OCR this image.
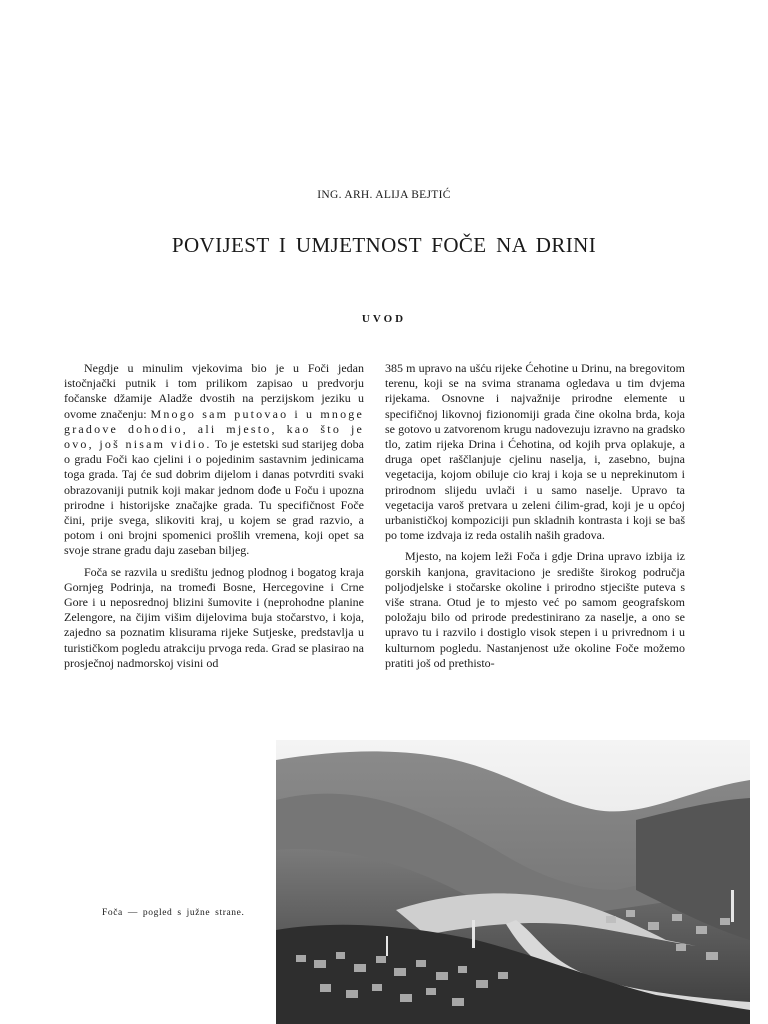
ING. ARH. ALIJA BEJTIĆ
POVIJEST I UMJETNOST FOČE NA DRINI
UVOD

Negdje u minulim vjekovima bio je u Foči jedan istočnjački putnik i tom prilikom zapisao u predvorju fočanske džamije Aladže dvostih na perzijskom jeziku u ovome značenju: Mnogo sam putovao i u mnoge gradove dohodio, ali mjesto, kao što je ovo, još nisam vidio. To je estetski sud starijeg doba o gradu Foči kao cjelini i o pojedinim sastavnim jedinicama toga grada. Taj će sud dobrim dijelom i danas potvrditi svaki obrazovaniji putnik koji makar jednom dođe u Foču i upozna prirodne i historijske značajke grada. Tu specifičnost Foče čini, prije svega, slikoviti kraj, u kojem se grad razvio, a potom i oni brojni spomenici prošlih vremena, koji opet sa svoje strane gradu daju zaseban biljeg.

Foča se razvila u središtu jednog plodnog i bogatog kraja Gornjeg Podrinja, na tromeđi Bosne, Hercegovine i Crne Gore i u neposrednoj blizini šumovite i (neprohodne planine Zelengore, na čijim višim dijelovima buja stočarstvo, i koja, zajedno sa poznatim klisurama rijeke Sutjeske, predstavlja u turističkom pogledu atrakciju prvoga reda. Grad se plasirao na prosječnoj nadmorskoj visini od

385 m upravo na ušću rijeke Ćehotine u Drinu, na bregovitom terenu, koji se na svima stranama ogledava u tim dvjema rijekama. Osnovne i najvažnije prirodne elemente u specifičnoj likovnoj fizionomiji grada čine okolna brda, koja se gotovo u zatvorenom krugu nadovezuju izravno na gradsko tlo, zatim rijeka Drina i Ćehotina, od kojih prva oplakuje, a druga opet raščlanjuje cjelinu naselja, i, zasebno, bujna vegetacija, kojom obiluje cio kraj i koja se u neprekinutom i prirodnom slijedu uvlači i u samo naselje. Upravo ta vegetacija varoš pretvara u zeleni ćilim-grad, koji je u općoj urbanističkoj kompoziciji pun skladnih kontrasta i koji se baš po tome izdvaja iz reda ostalih naših gradova.

Mjesto, na kojem leži Foča i gdje Drina upravo izbija iz gorskih kanjona, gravitaciono je središte širokog područja poljodjelske i stočarske okoline i prirodno stjecište puteva s više strana. Otud je to mjesto već po samom geografskom položaju bilo od prirode predestinirano za naselje, a ono se upravo tu i razvilo i dostiglo visok stepen i u privrednom i u kulturnom pogledu. Nastanjenost uže okoline Foče možemo pratiti još od prethisto-

Foča — pogled s južne strane.
